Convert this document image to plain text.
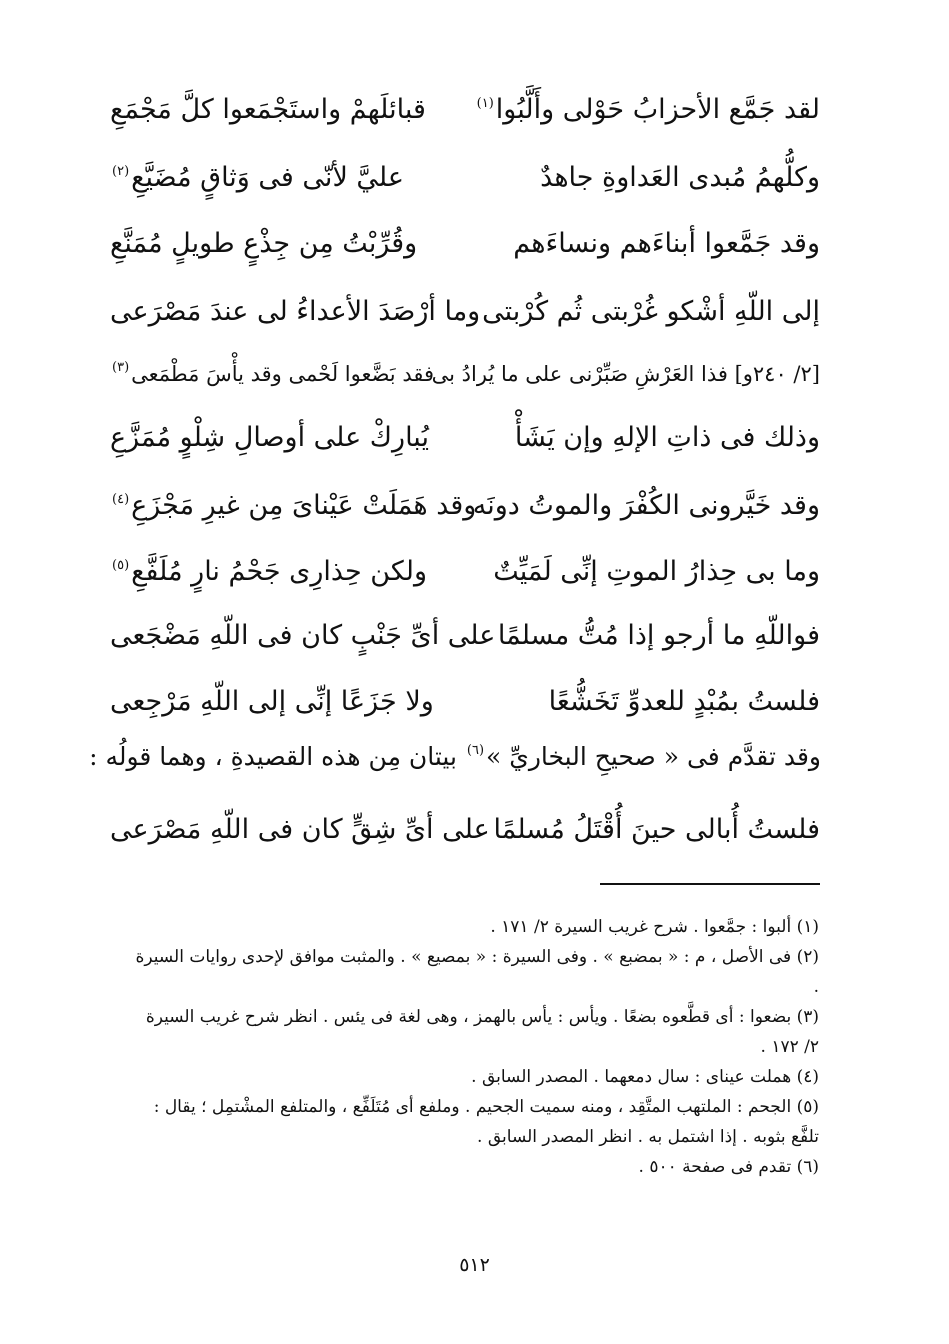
لقد جَمَّع الأحزابُ حَوْلى وأَلَّبُوا$^{(١)}$
قبائلَهمْ واستَجْمَعوا كلَّ مَجْمَعِ
وكلُّهمُ مُبدى العَداوةِ جاهدٌ
عليَّ لأنّى فى وَثاقٍ مُضَيَّعِ$^{(٢)}$
وقد جَمَّعوا أبناءَهم ونساءَهم
وقُرِّبْتُ مِن جِذْعٍ طويلٍ مُمَنَّعِ
إلى اللّهِ أشْكو غُرْبتى ثُم كُرْبتى
وما أرْصَدَ الأعداءُ لى عندَ مَصْرَعى
[٢/ ٢٤٠و] فذا العَرْشِ صَبِّرْنى على ما يُرادُ بى
فقد بَضَّعوا لَحْمى وقد يأْسَ مَطْمَعى$^{(٣)}$
وذلك فى ذاتِ الإلهِ وإن يَشَأْ
يُبارِكْ على أوصالِ شِلْوٍ مُمَزَّعِ
وقد خَيَّرونى الكُفْرَ والموتُ دونَه
وقد هَمَلَتْ عَيْناىَ مِن غيرِ مَجْزَعِ$^{(٤)}$
وما بى حِذارُ الموتِ إنِّى لَمَيِّتٌ
ولكن حِذارِى جَحْمُ نارٍ مُلَفَّعِ$^{(٥)}$
فواللّهِ ما أرجو إذا مُتُّ مسلمًا
على أىِّ جَنْبٍ كان فى اللّهِ مَضْجَعى
فلستُ بمُبْدٍ للعدوِّ تَخَشُّعًا
ولا جَزَعًا إنِّى إلى اللّهِ مَرْجِعى
وقد تقدَّم فى « صحيحِ البخاريِّ »$^{(٦)}$ بيتان مِن هذه القصيدةِ ، وهما قولُه :
فلستُ أُبالى حينَ أُقْتَلُ مُسلمًا
على أىِّ شِقٍّ كان فى اللّهِ مَصْرَعى

(١) ألبوا : جمَّعوا . شرح غريب السيرة ٢/ ١٧١ .

(٢) فى الأصل ، م : « بمضبع » . وفى السيرة : « بمصيع » . والمثبت موافق لإحدى روايات السيرة .

(٣) بضعوا : أى قطَّعوه بضعًا . ويأس : يأس بالهمز ، وهى لغة فى يئس . انظر شرح غريب السيرة ٢/ ١٧٢ .

(٤) هملت عيناى : سال دمعهما . المصدر السابق .

(٥) الجحم : الملتهب المتَّقِد ، ومنه سميت الجحيم . وملفع أى مُتَلَفِّع ، والمتلفع المشْتمِل ؛ يقال : تلفَّع بثوبه . إذا اشتمل به . انظر المصدر السابق .

(٦) تقدم فى صفحة ٥٠٠ .

٥١٢
